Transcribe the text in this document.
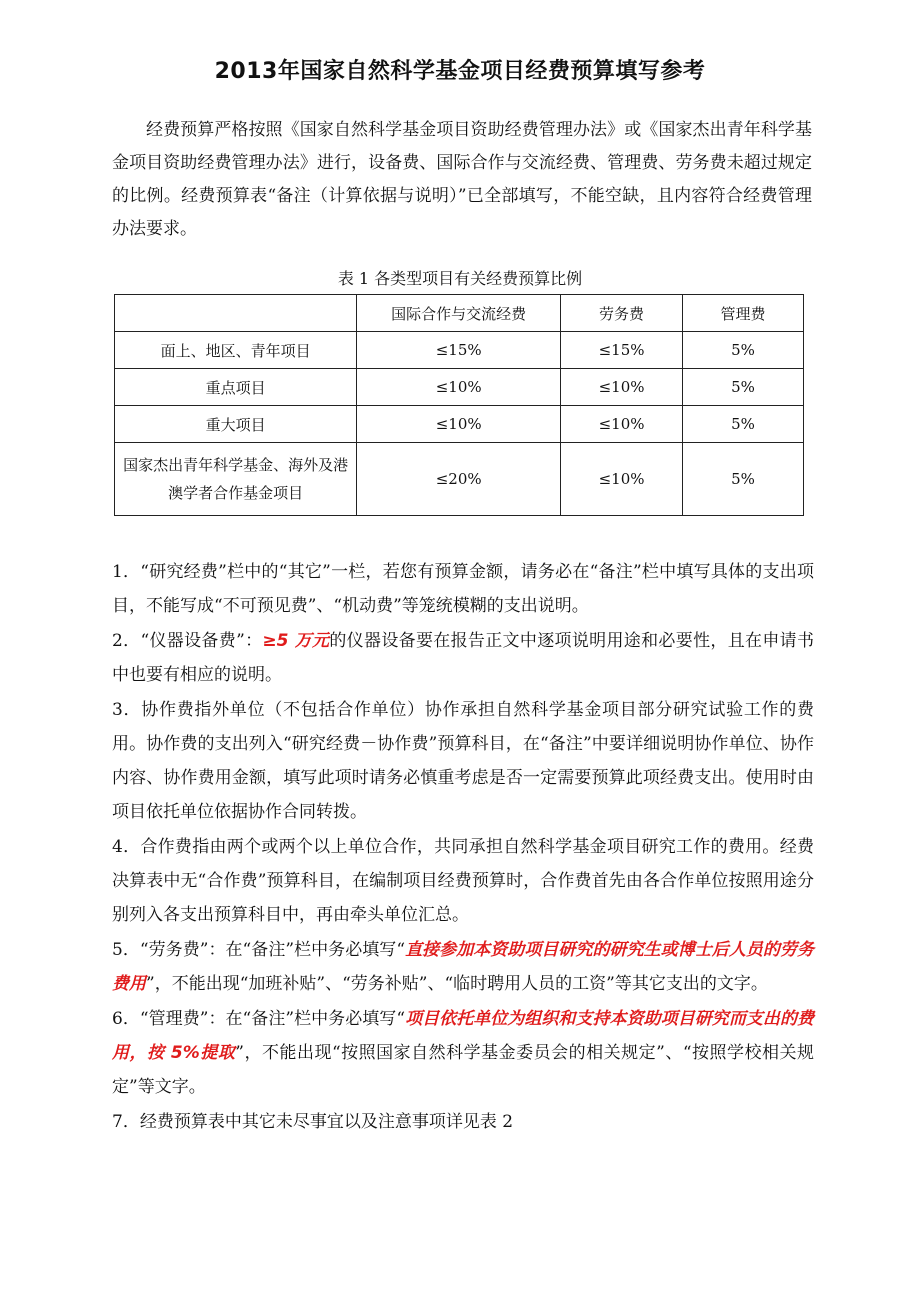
2013年国家自然科学基金项目经费预算填写参考

经费预算严格按照《国家自然科学基金项目资助经费管理办法》或《国家杰出青年科学基金项目资助经费管理办法》进行，设备费、国际合作与交流经费、管理费、劳务费未超过规定的比例。经费预算表“备注（计算依据与说明）”已全部填写，不能空缺，且内容符合经费管理办法要求。

表 1 各类型项目有关经费预算比例
	国际合作与交流经费	劳务费	管理费
面上、地区、青年项目	≤15%	≤15%	5%
重点项目	≤10%	≤10%	5%
重大项目	≤10%	≤10%	5%
国家杰出青年科学基金、海外及港澳学者合作基金项目	≤20%	≤10%	5%

1．“研究经费”栏中的“其它”一栏，若您有预算金额，请务必在“备注”栏中填写具体的支出项目，不能写成“不可预见费”、“机动费”等笼统模糊的支出说明。

2．“仪器设备费”：≥5 万元的仪器设备要在报告正文中逐项说明用途和必要性，且在申请书中也要有相应的说明。

3．协作费指外单位（不包括合作单位）协作承担自然科学基金项目部分研究试验工作的费用。协作费的支出列入“研究经费－协作费”预算科目，在“备注”中要详细说明协作单位、协作内容、协作费用金额，填写此项时请务必慎重考虑是否一定需要预算此项经费支出。使用时由项目依托单位依据协作合同转拨。

4．合作费指由两个或两个以上单位合作，共同承担自然科学基金项目研究工作的费用。经费决算表中无“合作费”预算科目，在编制项目经费预算时，合作费首先由各合作单位按照用途分别列入各支出预算科目中，再由牵头单位汇总。

5．“劳务费”：在“备注”栏中务必填写“直接参加本资助项目研究的研究生或博士后人员的劳务费用”，不能出现“加班补贴”、“劳务补贴”、“临时聘用人员的工资”等其它支出的文字。

6．“管理费”：在“备注”栏中务必填写“项目依托单位为组织和支持本资助项目研究而支出的费用，按 5%提取”，不能出现“按照国家自然科学基金委员会的相关规定”、“按照学校相关规定”等文字。

7．经费预算表中其它未尽事宜以及注意事项详见表 2
